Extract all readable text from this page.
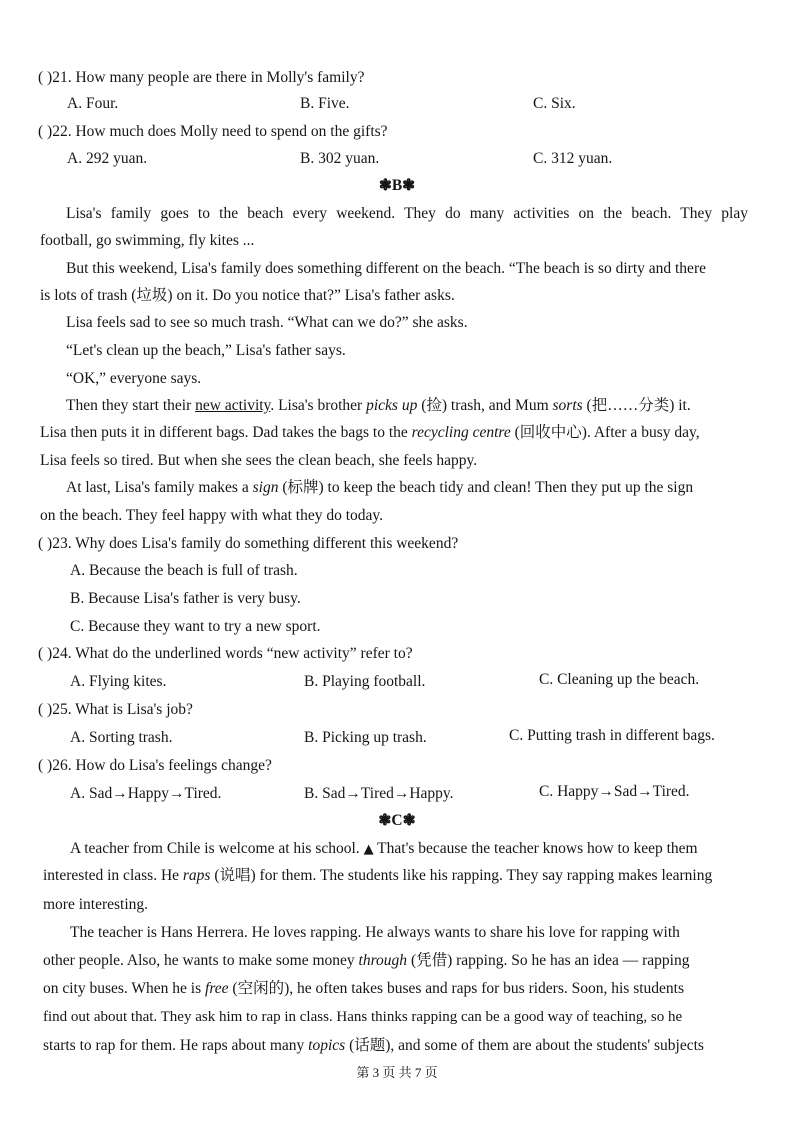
( )21. How many people are there in Molly's family?
A. Four.	B. Five.	C. Six.
( )22. How much does Molly need to spend on the gifts?
A. 292 yuan.	B. 302 yuan.	C. 312 yuan.
❃B❃
Lisa's family goes to the beach every weekend. They do many activities on the beach. They play
football, go swimming, fly kites ...
But this weekend, Lisa's family does something different on the beach. “The beach is so dirty and there
is lots of trash (垃圾) on it. Do you notice that?” Lisa's father asks.
Lisa feels sad to see so much trash. “What can we do?” she asks.
“Let's clean up the beach,” Lisa's father says.
“OK,” everyone says.
Then they start their new activity. Lisa's brother picks up (捡) trash, and Mum sorts (把……分类) it.
Lisa then puts it in different bags. Dad takes the bags to the recycling centre (回收中心). After a busy day,
Lisa feels so tired. But when she sees the clean beach, she feels happy.
At last, Lisa's family makes a sign (标牌) to keep the beach tidy and clean! Then they put up the sign
on the beach. They feel happy with what they do today.
( )23. Why does Lisa's family do something different this weekend?
A. Because the beach is full of trash.
B. Because Lisa's father is very busy.
C. Because they want to try a new sport.
( )24. What do the underlined words “new activity” refer to?
A. Flying kites.	B. Playing football.	C. Cleaning up the beach.
( )25. What is Lisa's job?
A. Sorting trash.	B. Picking up trash.	C. Putting trash in different bags.
( )26. How do Lisa's feelings change?
A. Sad→Happy→Tired.	B. Sad→Tired→Happy.	C. Happy→Sad→Tired.
❃C❃
A teacher from Chile is welcome at his school. ▲ That's because the teacher knows how to keep them
interested in class. He raps (说唱) for them. The students like his rapping. They say rapping makes learning
more interesting.
The teacher is Hans Herrera. He loves rapping. He always wants to share his love for rapping with
other people. Also, he wants to make some money through (凭借) rapping. So he has an idea — rapping
on city buses. When he is free (空闲的), he often takes buses and raps for bus riders. Soon, his students
find out about that. They ask him to rap in class. Hans thinks rapping can be a good way of teaching, so he
starts to rap for them. He raps about many topics (话题), and some of them are about the students' subjects
第 3 页 共 7 页
